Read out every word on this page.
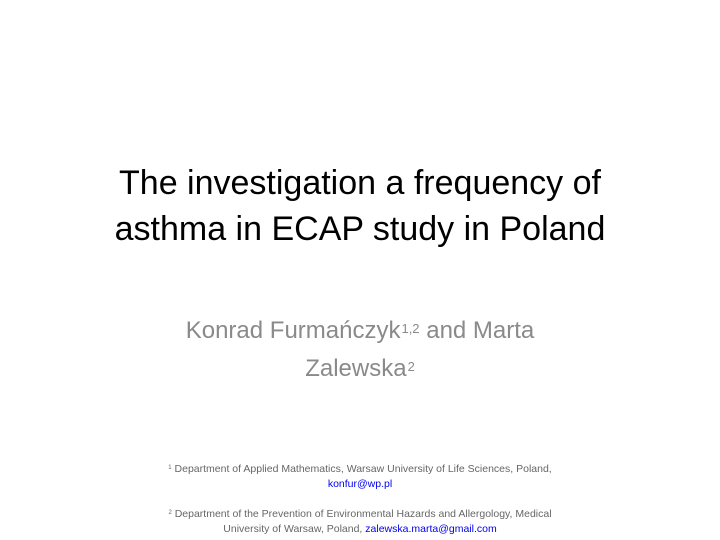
The investigation a frequency of
asthma in ECAP study in Poland
Konrad Furmańczyk$^{1,2}$ and Marta
Zalewska$^2$

$^1$ Department of Applied Mathematics, Warsaw University of Life Sciences, Poland,

konfur@wp.pl

$^2$ Department of the Prevention of Environmental Hazards and Allergology, Medical

University of Warsaw, Poland, zalewska.marta@gmail.com
